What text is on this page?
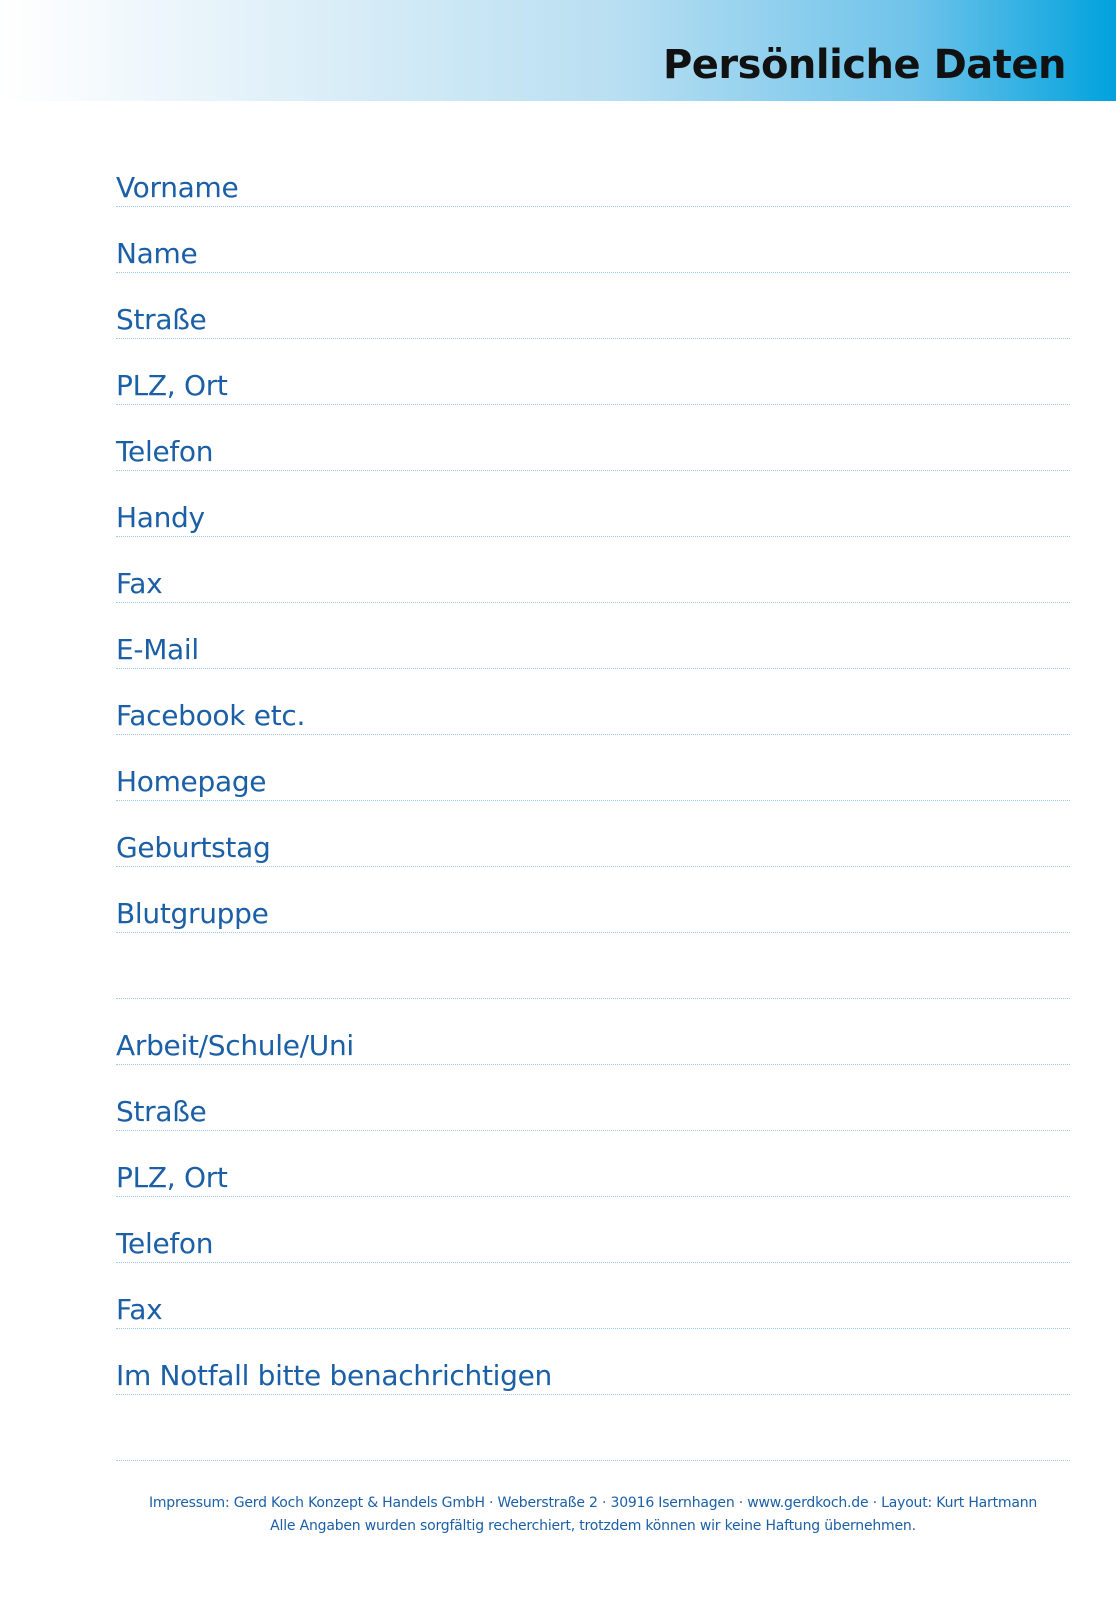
Persönliche Daten
Vorname
Name
Straße
PLZ, Ort
Telefon
Handy
Fax
E-Mail
Facebook etc.
Homepage
Geburtstag
Blutgruppe
Arbeit/Schule/Uni
Straße
PLZ, Ort
Telefon
Fax
Im Notfall bitte benachrichtigen
Impressum: Gerd Koch Konzept & Handels GmbH · Weberstraße 2 · 30916 Isernhagen · www.gerdkoch.de · Layout: Kurt Hartmann
Alle Angaben wurden sorgfältig recherchiert, trotzdem können wir keine Haftung übernehmen.
